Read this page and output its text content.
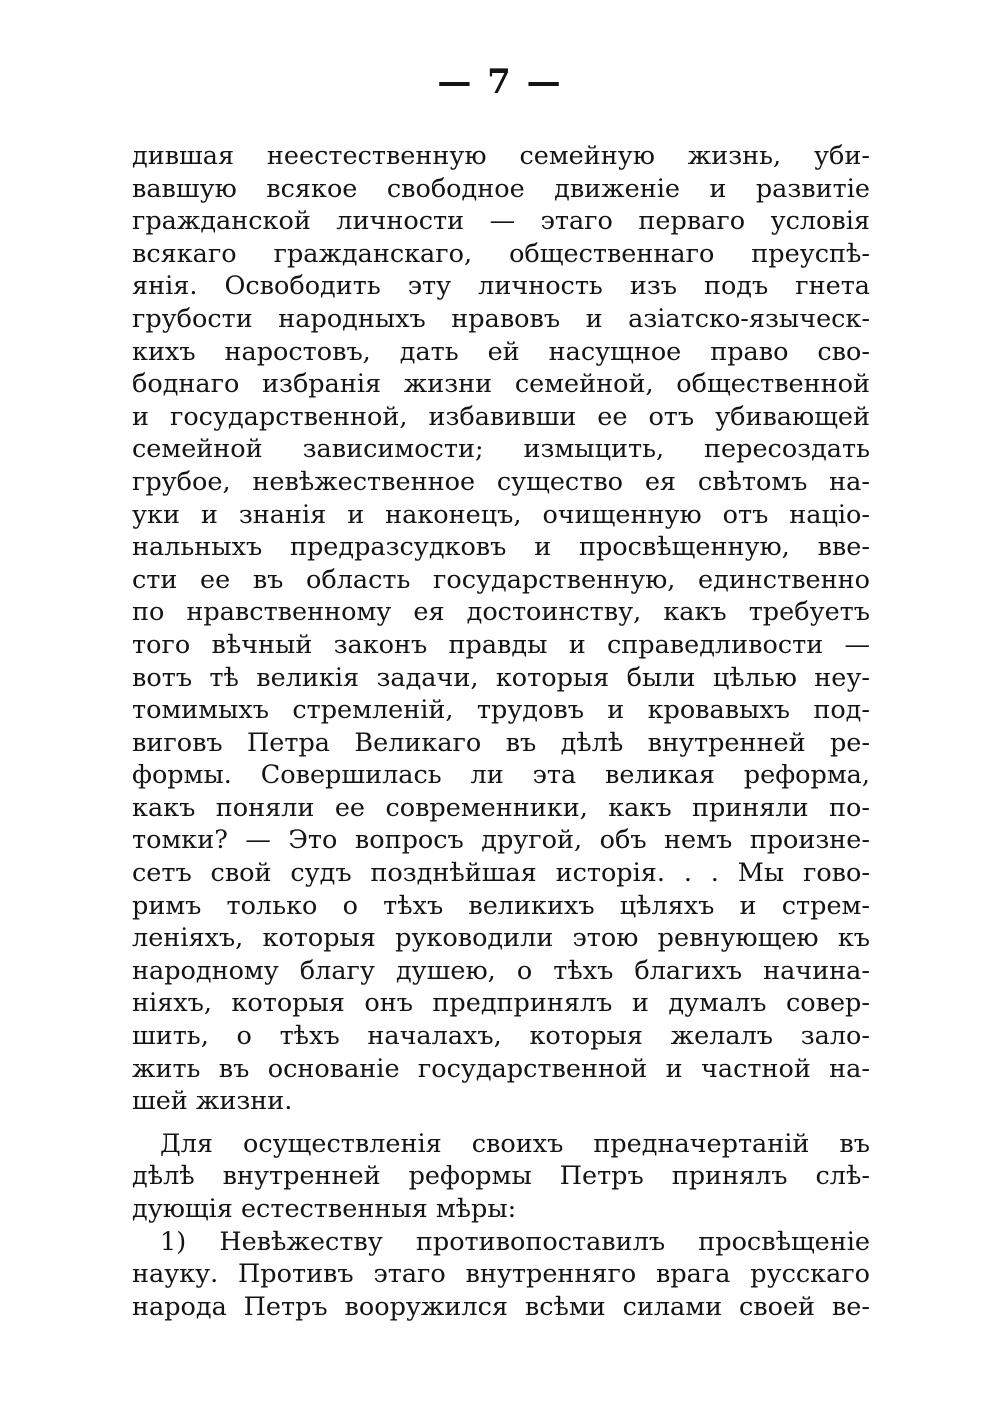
— 7 —
дившая неестественную семейную жизнь, уби-
вавшую всякое свободное движеніе и развитіе
гражданской личности — этаго перваго условія
всякаго гражданскаго, общественнаго преуспѣ-
янія. Освободить эту личность изъ подъ гнета
грубости народныхъ нравовъ и азіатско-языческ-
кихъ наростовъ, дать ей насущное право сво-
боднаго избранія жизни семейной, общественной
и государственной, избавивши ее отъ убивающей
семейной зависимости; измыцить, пересоздать
грубое, невѣжественное существо ея свѣтомъ на-
уки и знанія и наконецъ, очищенную отъ націо-
нальныхъ предразсудковъ и просвѣщенную, вве-
сти ее въ область государственную, единственно
по нравственному ея достоинству, какъ требуетъ
того вѣчный законъ правды и справедливости —
вотъ тѣ великія задачи, которыя были цѣлью неу-
томимыхъ стремленій, трудовъ и кровавыхъ под-
виговъ Петра Великаго въ дѣлѣ внутренней ре-
формы. Совершилась ли эта великая реформа,
какъ поняли ее современники, какъ приняли по-
томки? — Это вопросъ другой, объ немъ произне-
сетъ свой судъ позднѣйшая исторія. . . Мы гово-
римъ только о тѣхъ великихъ цѣляхъ и стрем-
леніяхъ, которыя руководили этою ревнующею къ
народному благу душею, о тѣхъ благихъ начина-
ніяхъ, которыя онъ предпринялъ и думалъ совер-
шить, о тѣхъ началахъ, которыя желалъ зало-
жить въ основаніе государственной и частной на-
шей жизни.
Для осуществленія своихъ предначертаній въ
дѣлѣ внутренней реформы Петръ принялъ слѣ-
дующія естественныя мѣры:
1) Невѣжеству противопоставилъ просвѣщеніе
науку. Противъ этаго внутренняго врага русскаго
народа Петръ вооружился всѣми силами своей ве-
